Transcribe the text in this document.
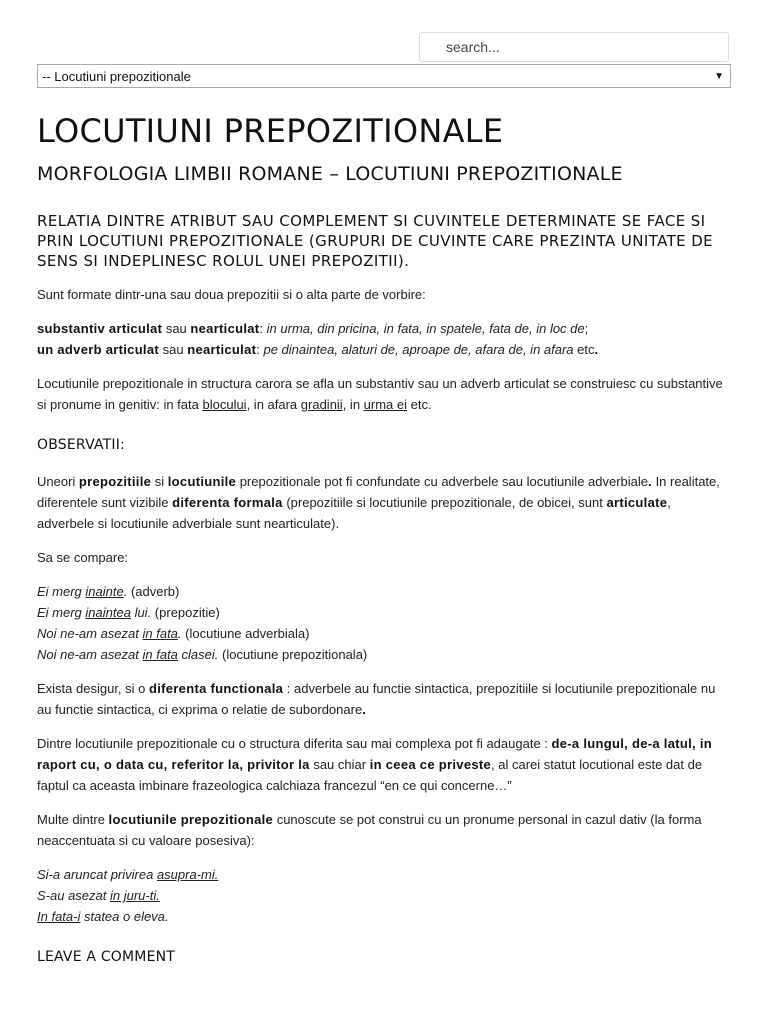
search...
-- Locutiuni prepozitionale	▼
LOCUTIUNI PREPOZITIONALE
MORFOLOGIA LIMBII ROMANE – LOCUTIUNI PREPOZITIONALE
RELATIA DINTRE ATRIBUT SAU COMPLEMENT SI CUVINTELE DETERMINATE SE FACE SI PRIN LOCUTIUNI PREPOZITIONALE (GRUPURI DE CUVINTE CARE PREZINTA UNITATE DE SENS SI INDEPLINESC ROLUL UNEI PREPOZITII).

Sunt formate dintr-una sau doua prepozitii si o alta parte de vorbire:

substantiv articulat sau nearticulat: in urma, din pricina, in fata, in spatele, fata de, in loc de;
un adverb articulat sau nearticulat: pe dinaintea, alaturi de, aproape de, afara de, in afara etc.

Locutiunile prepozitionale in structura carora se afla un substantiv sau un adverb articulat se construiesc cu substantive si pronume in genitiv: in fata blocului, in afara gradinii, in urma ei etc.

OBSERVATII:

Uneori prepozitiile si locutiunile prepozitionale pot fi confundate cu adverbele sau locutiunile adverbiale. In realitate, diferentele sunt vizibile diferenta formala (prepozitiile si locutiunile prepozitionale, de obicei, sunt articulate, adverbele si locutiunile adverbiale sunt nearticulate).

Sa se compare:

Ei merg inainte. (adverb)
Ei merg inaintea lui. (prepozitie)
Noi ne-am asezat in fata. (locutiune adverbiala)
Noi ne-am asezat in fata clasei. (locutiune prepozitionala)

Exista desigur, si o diferenta functionala : adverbele au functie sintactica, prepozitiile si locutiunile prepozitionale nu au functie sintactica, ci exprima o relatie de subordonare.

Dintre locutiunile prepozitionale cu o structura diferita sau mai complexa pot fi adaugate : de-a lungul, de-a latul, in raport cu, o data cu, referitor la, privitor la sau chiar in ceea ce priveste, al carei statut locutional este dat de faptul ca aceasta imbinare frazeologica calchiaza francezul “en ce qui concerne…”

Multe dintre locutiunile prepozitionale cunoscute se pot construi cu un pronume personal in cazul dativ (la forma neaccentuata si cu valoare posesiva):

Si-a aruncat privirea asupra-mi.
S-au asezat in juru-ti.
In fata-i statea o eleva.

LEAVE A COMMENT
